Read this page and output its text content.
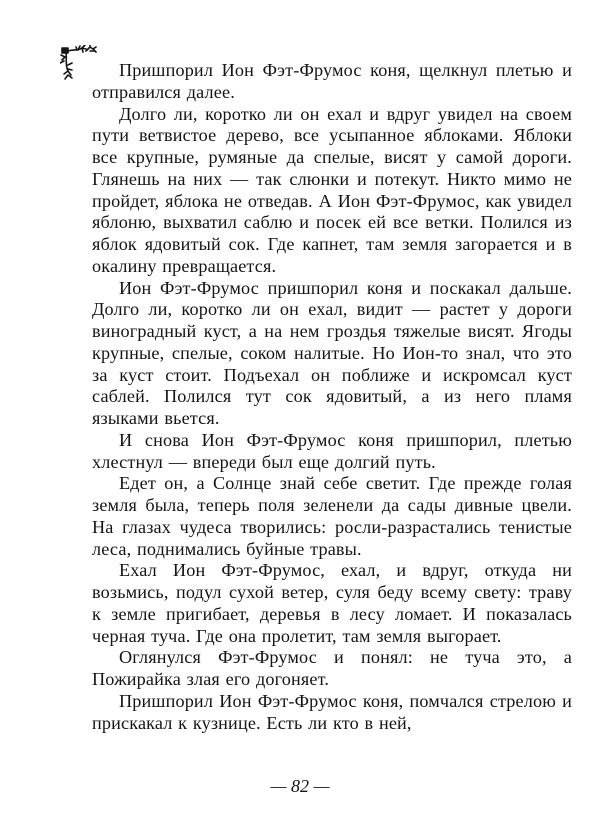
Пришпорил Ион Фэт-Фрумос коня, щелкнул плетью и отправился далее.

Долго ли, коротко ли он ехал и вдруг увидел на своем пути ветвистое дерево, все усыпанное яблоками. Яблоки все крупные, румяные да спелые, висят у самой дороги. Глянешь на них — так слюнки и потекут. Никто мимо не пройдет, яблока не отведав. А Ион Фэт-Фрумос, как увидел яблоню, выхватил саблю и посек ей все ветки. Полился из яблок ядовитый сок. Где капнет, там земля загорается и в окалину превращается.

Ион Фэт-Фрумос пришпорил коня и поскакал дальше. Долго ли, коротко ли он ехал, видит — растет у дороги виноградный куст, а на нем гроздья тяжелые висят. Ягоды крупные, спелые, соком налитые. Но Ион-то знал, что это за куст стоит. Подъехал он поближе и искромсал куст саблей. Полился тут сок ядовитый, а из него пламя языками вьется.

И снова Ион Фэт-Фрумос коня пришпорил, плетью хлестнул — впереди был еще долгий путь.

Едет он, а Солнце знай себе светит. Где прежде голая земля была, теперь поля зеленели да сады дивные цвели. На глазах чудеса творились: росли-разрастались тенистые леса, поднимались буйные травы.

Ехал Ион Фэт-Фрумос, ехал, и вдруг, откуда ни возьмись, подул сухой ветер, суля беду всему свету: траву к земле пригибает, деревья в лесу ломает. И показалась черная туча. Где она пролетит, там земля выгорает.

Оглянулся Фэт-Фрумос и понял: не туча это, а Пожирайка злая его догоняет.

Пришпорил Ион Фэт-Фрумос коня, помчался стрелою и прискакал к кузнице. Есть ли кто в ней,

— 82 —
